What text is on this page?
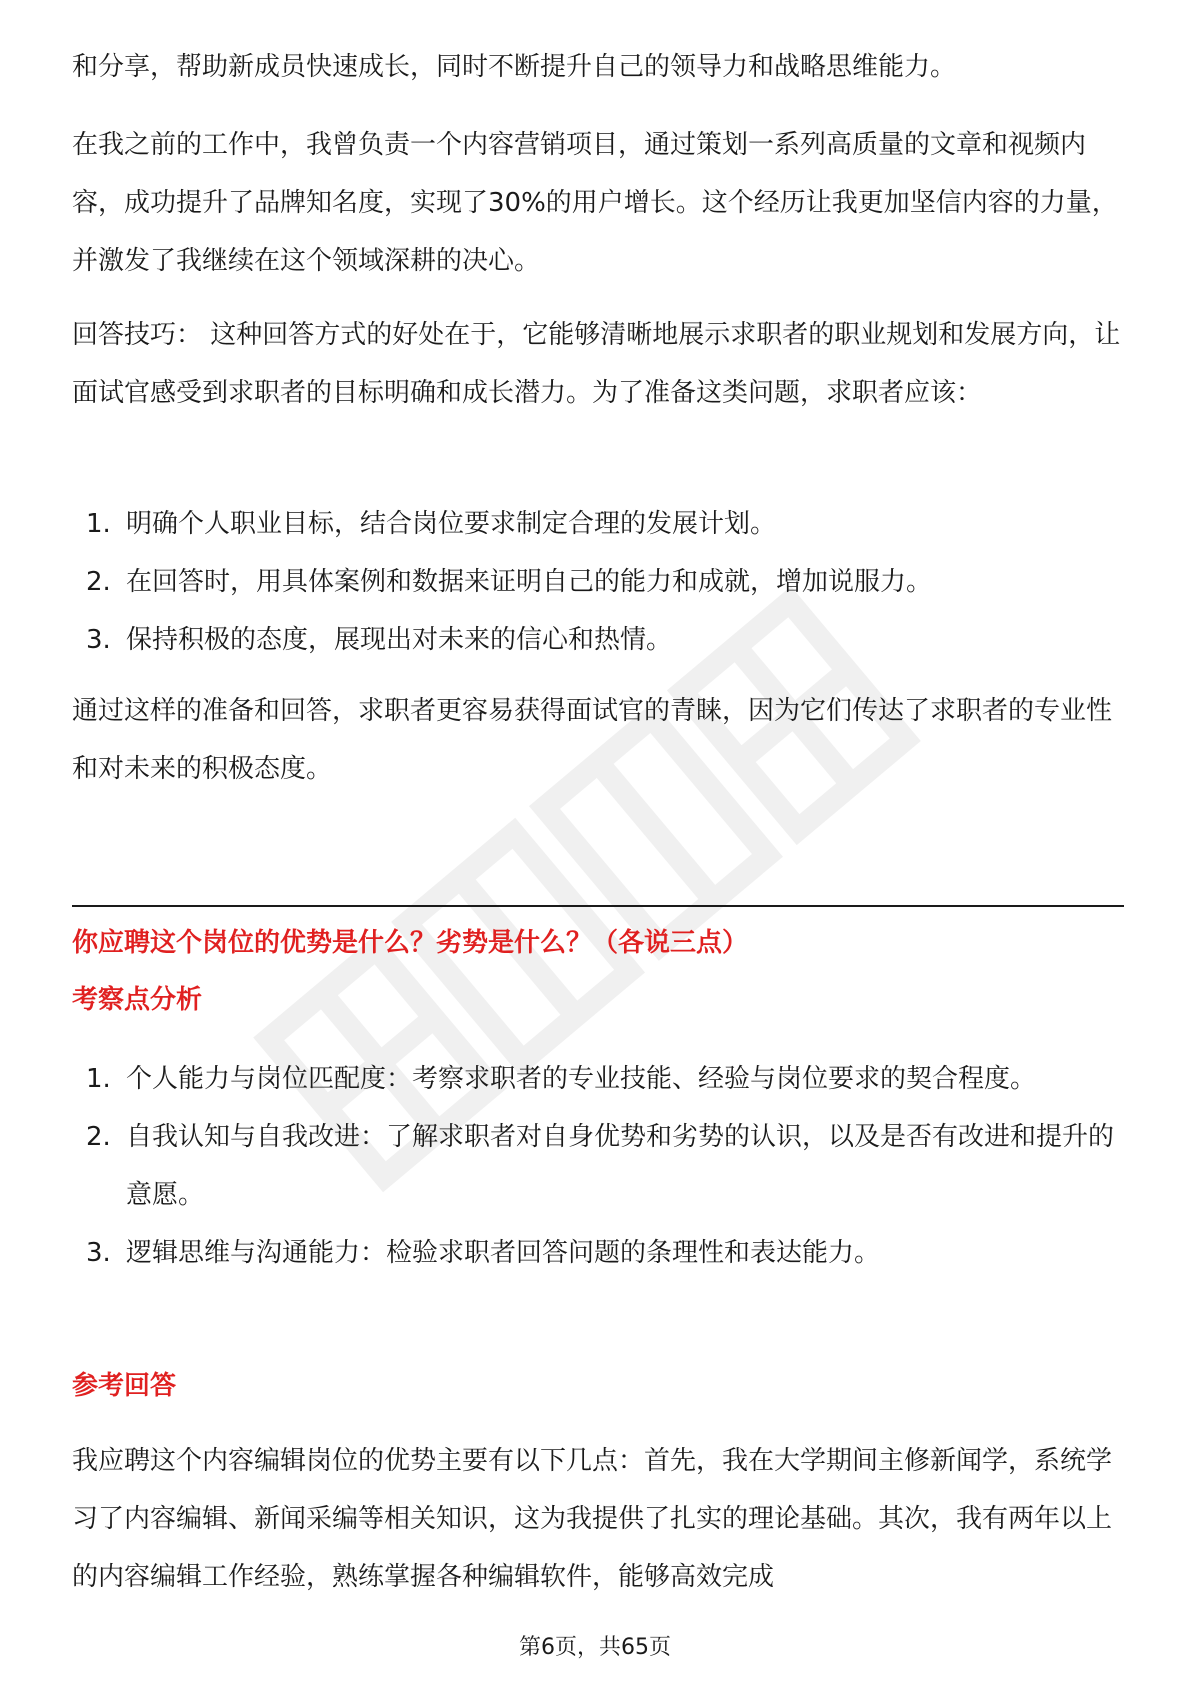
和分享，帮助新成员快速成长，同时不断提升自己的领导力和战略思维能力。

在我之前的工作中，我曾负责一个内容营销项目，通过策划一系列高质量的文章和视频内容，成功提升了品牌知名度，实现了30%的用户增长。这个经历让我更加坚信内容的力量，并激发了我继续在这个领域深耕的决心。

回答技巧： 这种回答方式的好处在于，它能够清晰地展示求职者的职业规划和发展方向，让面试官感受到求职者的目标明确和成长潜力。为了准备这类问题，求职者应该：

1. 明确个人职业目标，结合岗位要求制定合理的发展计划。
2. 在回答时，用具体案例和数据来证明自己的能力和成就，增加说服力。
3. 保持积极的态度，展现出对未来的信心和热情。

通过这样的准备和回答，求职者更容易获得面试官的青睐，因为它们传达了求职者的专业性和对未来的积极态度。

你应聘这个岗位的优势是什么？劣势是什么？（各说三点）
考察点分析
1. 个人能力与岗位匹配度：考察求职者的专业技能、经验与岗位要求的契合程度。
2. 自我认知与自我改进：了解求职者对自身优势和劣势的认识，以及是否有改进和提升的意愿。
3. 逻辑思维与沟通能力：检验求职者回答问题的条理性和表达能力。
参考回答

我应聘这个内容编辑岗位的优势主要有以下几点：首先，我在大学期间主修新闻学，系统学习了内容编辑、新闻采编等相关知识，这为我提供了扎实的理论基础。其次，我有两年以上的内容编辑工作经验，熟练掌握各种编辑软件，能够高效完成

第6页，共65页
